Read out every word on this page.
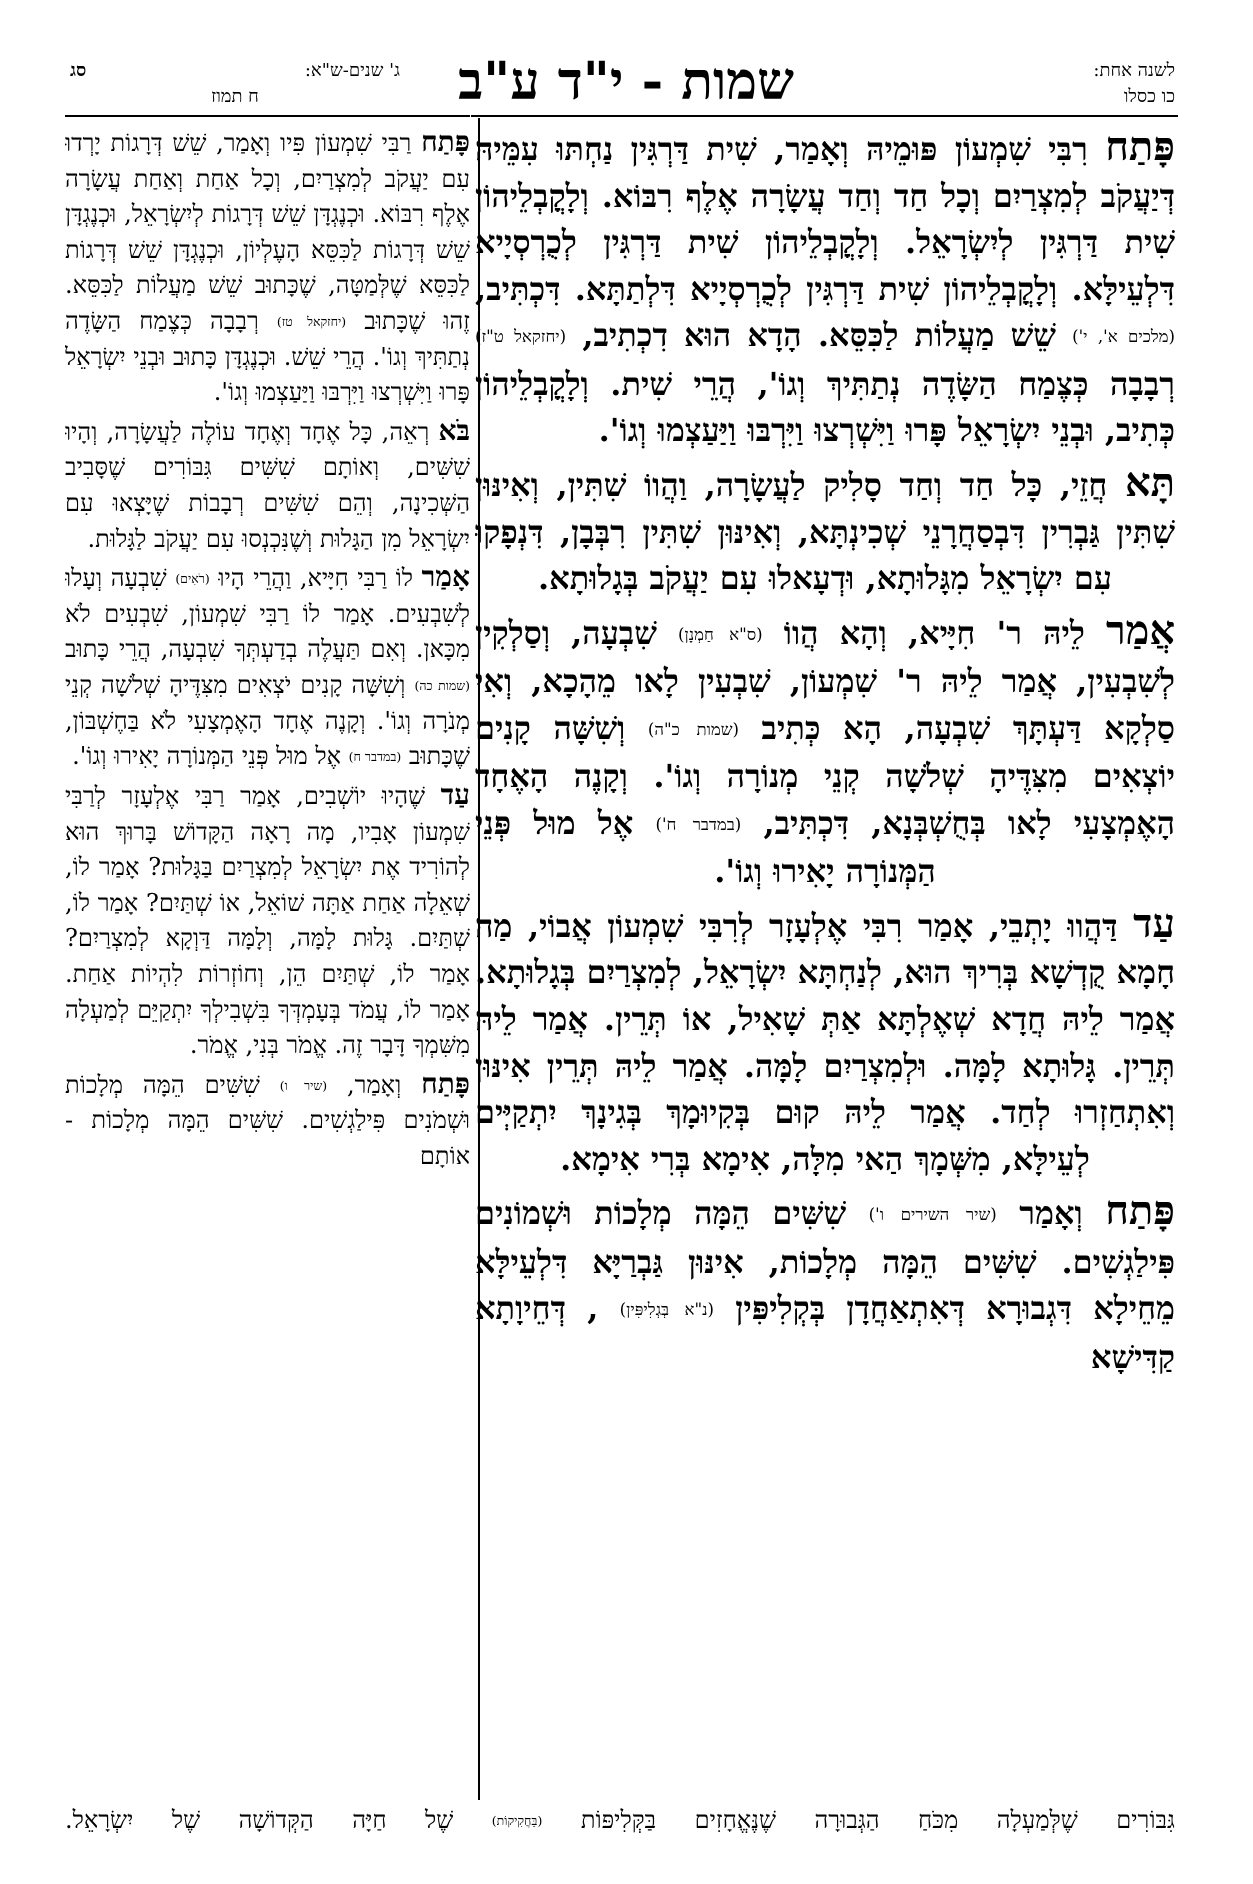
לשנה אחת:
כו כסלו
שמות - י"ד ע"ב
ג' שנים-ש"א:
סג
ח תמוז

פָּתַח רִבִּי שִׁמְעוֹן פּוּמֵיהּ וְאָמַר, שִׁית דַּרְגִּין נַחְתּוּ עִמֵּיהּ דְּיַעֲקֹב לְמִצְרַיִם וְכָל חַד וְחַד עֲשָׂרָה אֶלֶף רִבּוֹא. וְלָקֳבְלֵיהוֹן שִׁית דַּרְגִּין לְיִשְׂרָאֵל. וְלָקֳבְלֵיהוֹן שִׁית דַּרְגִּין לְכֻרְסְיָיא דִּלְעֵילָּא. וְלָקֳבְלֵיהוֹן שִׁית דַּרְגִּין לְכֻרְסְיָיא דִּלְתַתָּא. דִּכְתִּיב, (מלכים א', י') שֵׁשׁ מַעֲלוֹת לַכִּסֵּא. הָדָא הוּא דִכְתִיב, (יחזקאל ט"ז) רְבָבָה כְּצֶמַח הַשָּׂדֶה נְתַתִּיךְ וְגוֹ', הֲרֵי שִׁית. וְלָקֳבְלֵיהוֹן כְּתִיב, וּבְנֵי יִשְׂרָאֵל פָּרוּ וַיִּשְׁרְצוּ וַיִּרְבּוּ וַיַּעַצְמוּ וְגוֹ'.

תָּא חֲזֵי, כָּל חַד וְחַד סָלִיק לַעֲשָׂרָה, וַהֲווֹ שִׁתִּין, וְאִינּוּן שִׁתִּין גַּבְרִין דִּבְסַחֲרָנֵי שְׁכִינְתָּא, וְאִינּוּן שִׁתִּין רִבְּבָן, דִּנְפָקוּ עִם יִשְׂרָאֵל מִגָּלוּתָא, וּדְעָאלוּ עִם יַעֲקֹב בְּגָלוּתָא.

אֲמַר לֵיהּ ר' חִיָּיא, וְהָא הֲווֹ (ס"א חַמְנָן) שִׁבְעָה, וְסַלְקִין לְשִׁבְעִין, אֲמַר לֵיהּ ר' שִׁמְעוֹן, שִׁבְעִין לָאו מֵהָכָא, וְאִי סַלְקָא דַּעְתָּךְ שִׁבְעָה, הָא כְּתִיב (שמות כ"ה) וְשִׁשָּׁה קָנִים יוֹצְאִים מִצִּדֶּיהָ שְׁלֹשָׁה קְנֵי מְנוֹרָה וְגוֹ'. וְקָנֶה הָאֶחָד הָאֶמְצָעִי לָאו בְּחֻשְׁבְּנָא, דִּכְתִּיב, (במדבר ח') אֶל מוּל פְּנֵי הַמְּנוֹרָה יָאִירוּ וְגוֹ'.

עַד דַּהֲווּ יָתְבֵי, אָמַר רִבִּי אֶלְעָזָר לְרִבִּי שִׁמְעוֹן אֲבוֹי, מַה חָמָא קֻדְשָׁא בְּרִיךְ הוּא, לְנַחְתָּא יִשְׂרָאֵל, לְמִצְרַיִם בְּגָלוּתָא. אֲמַר לֵיהּ חֲדָא שְׁאֶלְתָּא אַתְּ שָׁאִיל, אוֹ תְּרֵין. אֲמַר לֵיהּ תְּרֵין. גָּלוּתָא לָמָּה. וּלְמִצְרַיִם לָמָּה. אֲמַר לֵיהּ תְּרֵין אִינּוּן וְאִתְחַזְרוּ לְחַד. אֲמַר לֵיהּ קוּם בְּקִיוּמָךְ בְּגִינָךְ יִתְקַיְּים לְעֵילָּא, מִשְּׁמָךְ הַאי מִלָּה, אִימָא בְּרִי אִימָא.

פָּתַח וְאָמַר (שיר השירים ו') שִׁשִּׁים הֵמָּה מְלָכוֹת וּשְׁמוֹנִים פִּילַגְשִׁים. שִׁשִּׁים הֵמָּה מְלָכוֹת, אִינּוּן גַּבְרַיָּא דִּלְעֵילָּא מֵחֵילָא דִּגְבוּרָא דְּאִתְאַחֲדָן בְּקְלִיפִּין (נ"א בְּגְלִיפִּין) , דְּחֵיוָתָא קַדִּישָׁא

פָּתַח רַבִּי שִׁמְעוֹן פִּיו וְאָמַר, שֵׁשׁ דְּרָגוֹת יָרְדוּ עִם יַעֲקֹב לְמִצְרַיִם, וְכָל אַחַת וְאַחַת עֲשָׂרָה אֶלֶף רִבּוֹא. וּכְנֶגְדָּן שֵׁשׁ דְּרָגוֹת לְיִשְׂרָאֵל, וּכְנֶגְדָּן שֵׁשׁ דְּרָגוֹת לַכִּסֵּא הָעֶלְיוֹן, וּכְנֶגְדָּן שֵׁשׁ דְּרָגוֹת לַכִּסֵּא שֶׁלְּמַטָּה, שֶׁכָּתוּב שֵׁשׁ מַעֲלוֹת לַכִּסֵּא. זֶהוּ שֶׁכָּתוּב (יחזקאל טז) רְבָבָה כְּצֶמַח הַשָּׂדֶה נְתַתִּיךְ וְגוֹ'. הֲרֵי שֵׁשׁ. וּכְנֶגְדָּן כָּתוּב וּבְנֵי יִשְׂרָאֵל פָּרוּ וַיִּשְׁרְצוּ וַיִּרְבּוּ וַיַּעַצְמוּ וְגוֹ'.

בֹּא רְאֵה, כָּל אֶחָד וְאֶחָד עוֹלֶה לַעֲשָׂרָה, וְהָיוּ שִׁשִּׁים, וְאוֹתָם שִׁשִּׁים גִּבּוֹרִים שֶׁסָּבִיב הַשְּׁכִינָה, וְהֵם שִׁשִּׁים רְבָבוֹת שֶׁיָּצְאוּ עִם יִשְׂרָאֵל מִן הַגָּלוּת וְשֶׁנִּכְנְסוּ עִם יַעֲקֹב לַגָּלוּת.

אָמַר לוֹ רַבִּי חִיָּיא, וַהֲרֵי הָיוּ (רֹאִים) שִׁבְעָה וְעָלוּ לְשִׁבְעִים. אָמַר לוֹ רַבִּי שִׁמְעוֹן, שִׁבְעִים לֹא מִכָּאן. וְאִם תַּעֲלֶה בְדַעְתְּךָ שִׁבְעָה, הֲרֵי כָּתוּב (שמות כה) וְשִׁשָּׁה קָנִים יֹצְאִים מִצִּדֶּיהָ שְׁלֹשָׁה קְנֵי מְנֹרָה וְגוֹ'. וְקָנֶה אֶחָד הָאֶמְצָעִי לֹא בַּחֶשְׁבּוֹן, שֶׁכָּתוּב (במדבר ח) אֶל מוּל פְּנֵי הַמְּנוֹרָה יָאִירוּ וְגוֹ'.

עַד שֶׁהָיוּ יוֹשְׁבִים, אָמַר רַבִּי אֶלְעָזָר לְרַבִּי שִׁמְעוֹן אָבִיו, מָה רָאָה הַקָּדוֹשׁ בָּרוּךְ הוּא לְהוֹרִיד אֶת יִשְׂרָאֵל לְמִצְרַיִם בַּגָּלוּת? אָמַר לוֹ, שְׁאֵלָה אַחַת אַתָּה שׁוֹאֵל, אוֹ שְׁתַּיִם? אָמַר לוֹ, שְׁתַּיִם. גָּלוּת לָמָּה, וְלָמָּה דַּוְקָא לְמִצְרַיִם? אָמַר לוֹ, שְׁתַּיִם הֵן, וְחוֹזְרוֹת לִהְיוֹת אַחַת. אָמַר לוֹ, עֲמֹד בְּעָמְדְּךָ בִּשְׁבִילְךָ יִתְקַיֵּם לְמַעְלָה מִשִּׁמְךָ דָּבָר זֶה. אֱמֹר בְּנִי, אֱמֹר.

פָּתַח וְאָמַר, (שיר ו) שִׁשִּׁים הֵמָּה מְלָכוֹת וּשְׁמֹנִים פִּילַגְשִׁים. שִׁשִּׁים הֵמָּה מְלָכוֹת - אוֹתָם

גִּבּוֹרִים שֶׁלְּמַעְלָה מִכֹּחַ הַגְּבוּרָה שֶׁנֶּאֱחָזִים בַּקְּלִיפּוֹת (בַּחֲקִיקוֹת) שֶׁל חַיָּה הַקְּדוֹשָׁה שֶׁל יִשְׂרָאֵל.
